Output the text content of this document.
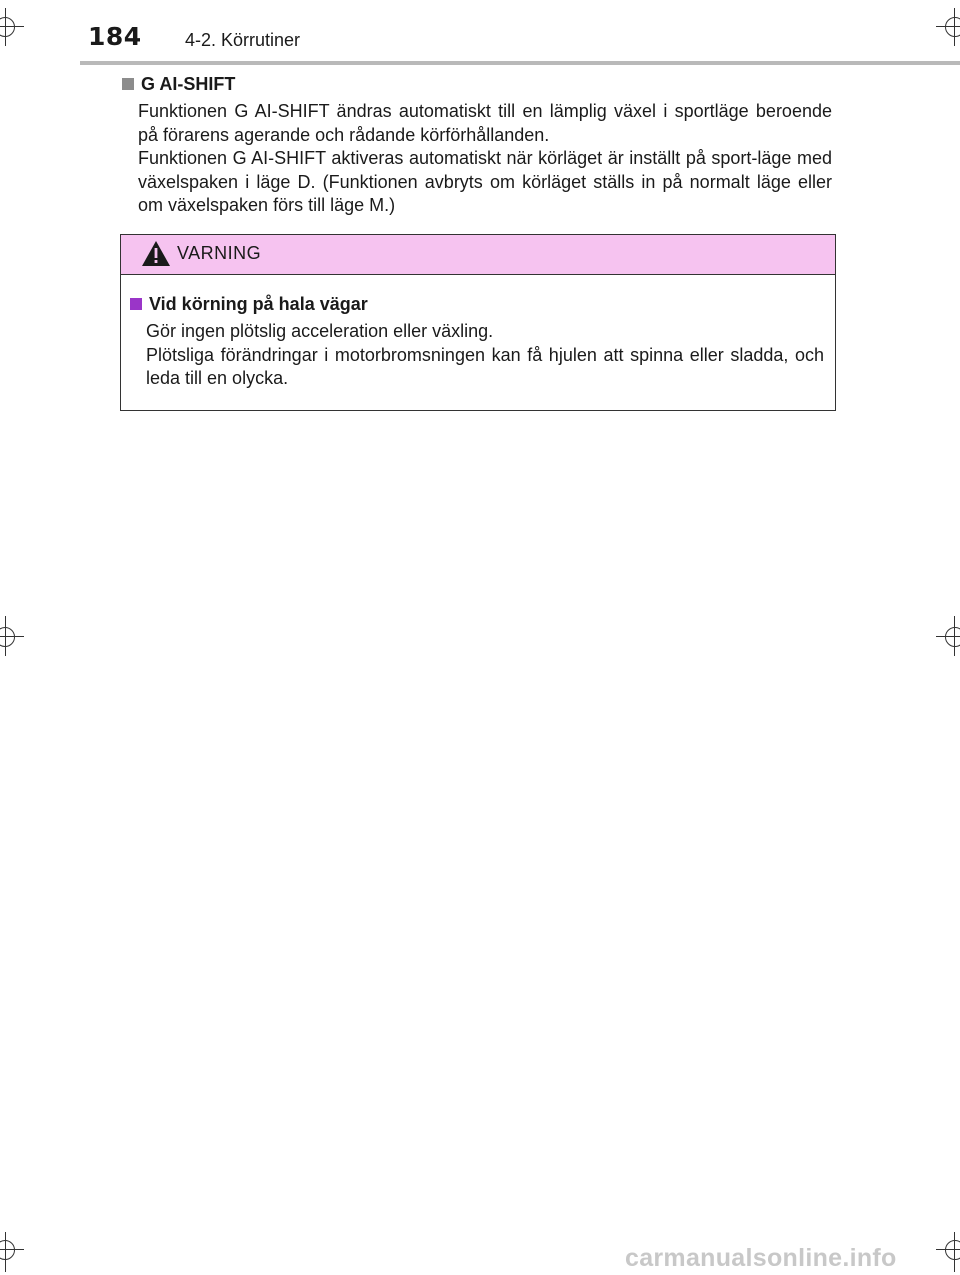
184 4-2. Körrutiner
G AI-SHIFT

Funktionen G AI-SHIFT ändras automatiskt till en lämplig växel i sportläge beroende på förarens agerande och rådande körförhållanden.

Funktionen G AI-SHIFT aktiveras automatiskt när körläget är inställt på sport-läge med växelspaken i läge D. (Funktionen avbryts om körläget ställs in på normalt läge eller om växelspaken förs till läge M.)

VARNING
Vid körning på hala vägar

Gör ingen plötslig acceleration eller växling.

Plötsliga förändringar i motorbromsningen kan få hjulen att spinna eller sladda, och leda till en olycka.

carmanualsonline.info
